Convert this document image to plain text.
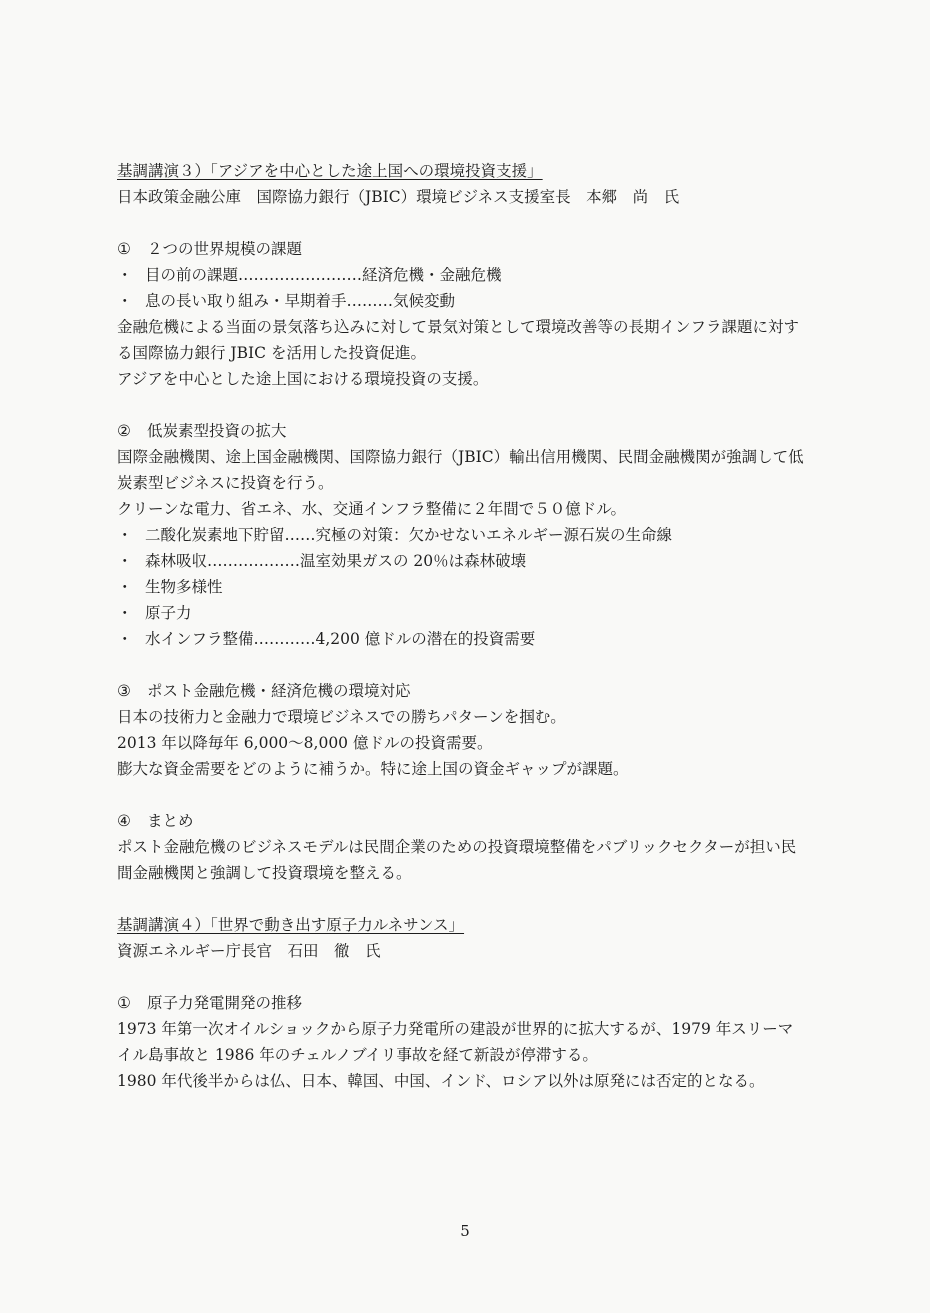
基調講演３）「アジアを中心とした途上国への環境投資支援」
日本政策金融公庫　国際協力銀行（JBIC）環境ビジネス支援室長　本郷　尚　氏
① ２つの世界規模の課題
・ 目の前の課題……………………経済危機・金融危機
・ 息の長い取り組み・早期着手………気候変動
金融危機による当面の景気落ち込みに対して景気対策として環境改善等の長期インフラ課題に対する国際協力銀行 JBIC を活用した投資促進。
アジアを中心とした途上国における環境投資の支援。
② 低炭素型投資の拡大
国際金融機関、途上国金融機関、国際協力銀行（JBIC）輸出信用機関、民間金融機関が強調して低炭素型ビジネスに投資を行う。
クリーンな電力、省エネ、水、交通インフラ整備に２年間で５０億ドル。
・ 二酸化炭素地下貯留……究極の対策：欠かせないエネルギー源石炭の生命線
・ 森林吸収………………温室効果ガスの 20％は森林破壊
・ 生物多様性
・ 原子力
・ 水インフラ整備…………4,200 億ドルの潜在的投資需要
③ ポスト金融危機・経済危機の環境対応
日本の技術力と金融力で環境ビジネスでの勝ちパターンを掴む。
2013 年以降毎年 6,000～8,000 億ドルの投資需要。
膨大な資金需要をどのように補うか。特に途上国の資金ギャップが課題。
④ まとめ
ポスト金融危機のビジネスモデルは民間企業のための投資環境整備をパブリックセクターが担い民間金融機関と強調して投資環境を整える。
基調講演４）「世界で動き出す原子力ルネサンス」
資源エネルギー庁長官　石田　徹　氏
① 原子力発電開発の推移
1973 年第一次オイルショックから原子力発電所の建設が世界的に拡大するが、1979 年スリーマイル島事故と 1986 年のチェルノブイリ事故を経て新設が停滞する。
1980 年代後半からは仏、日本、韓国、中国、インド、ロシア以外は原発には否定的となる。
5
